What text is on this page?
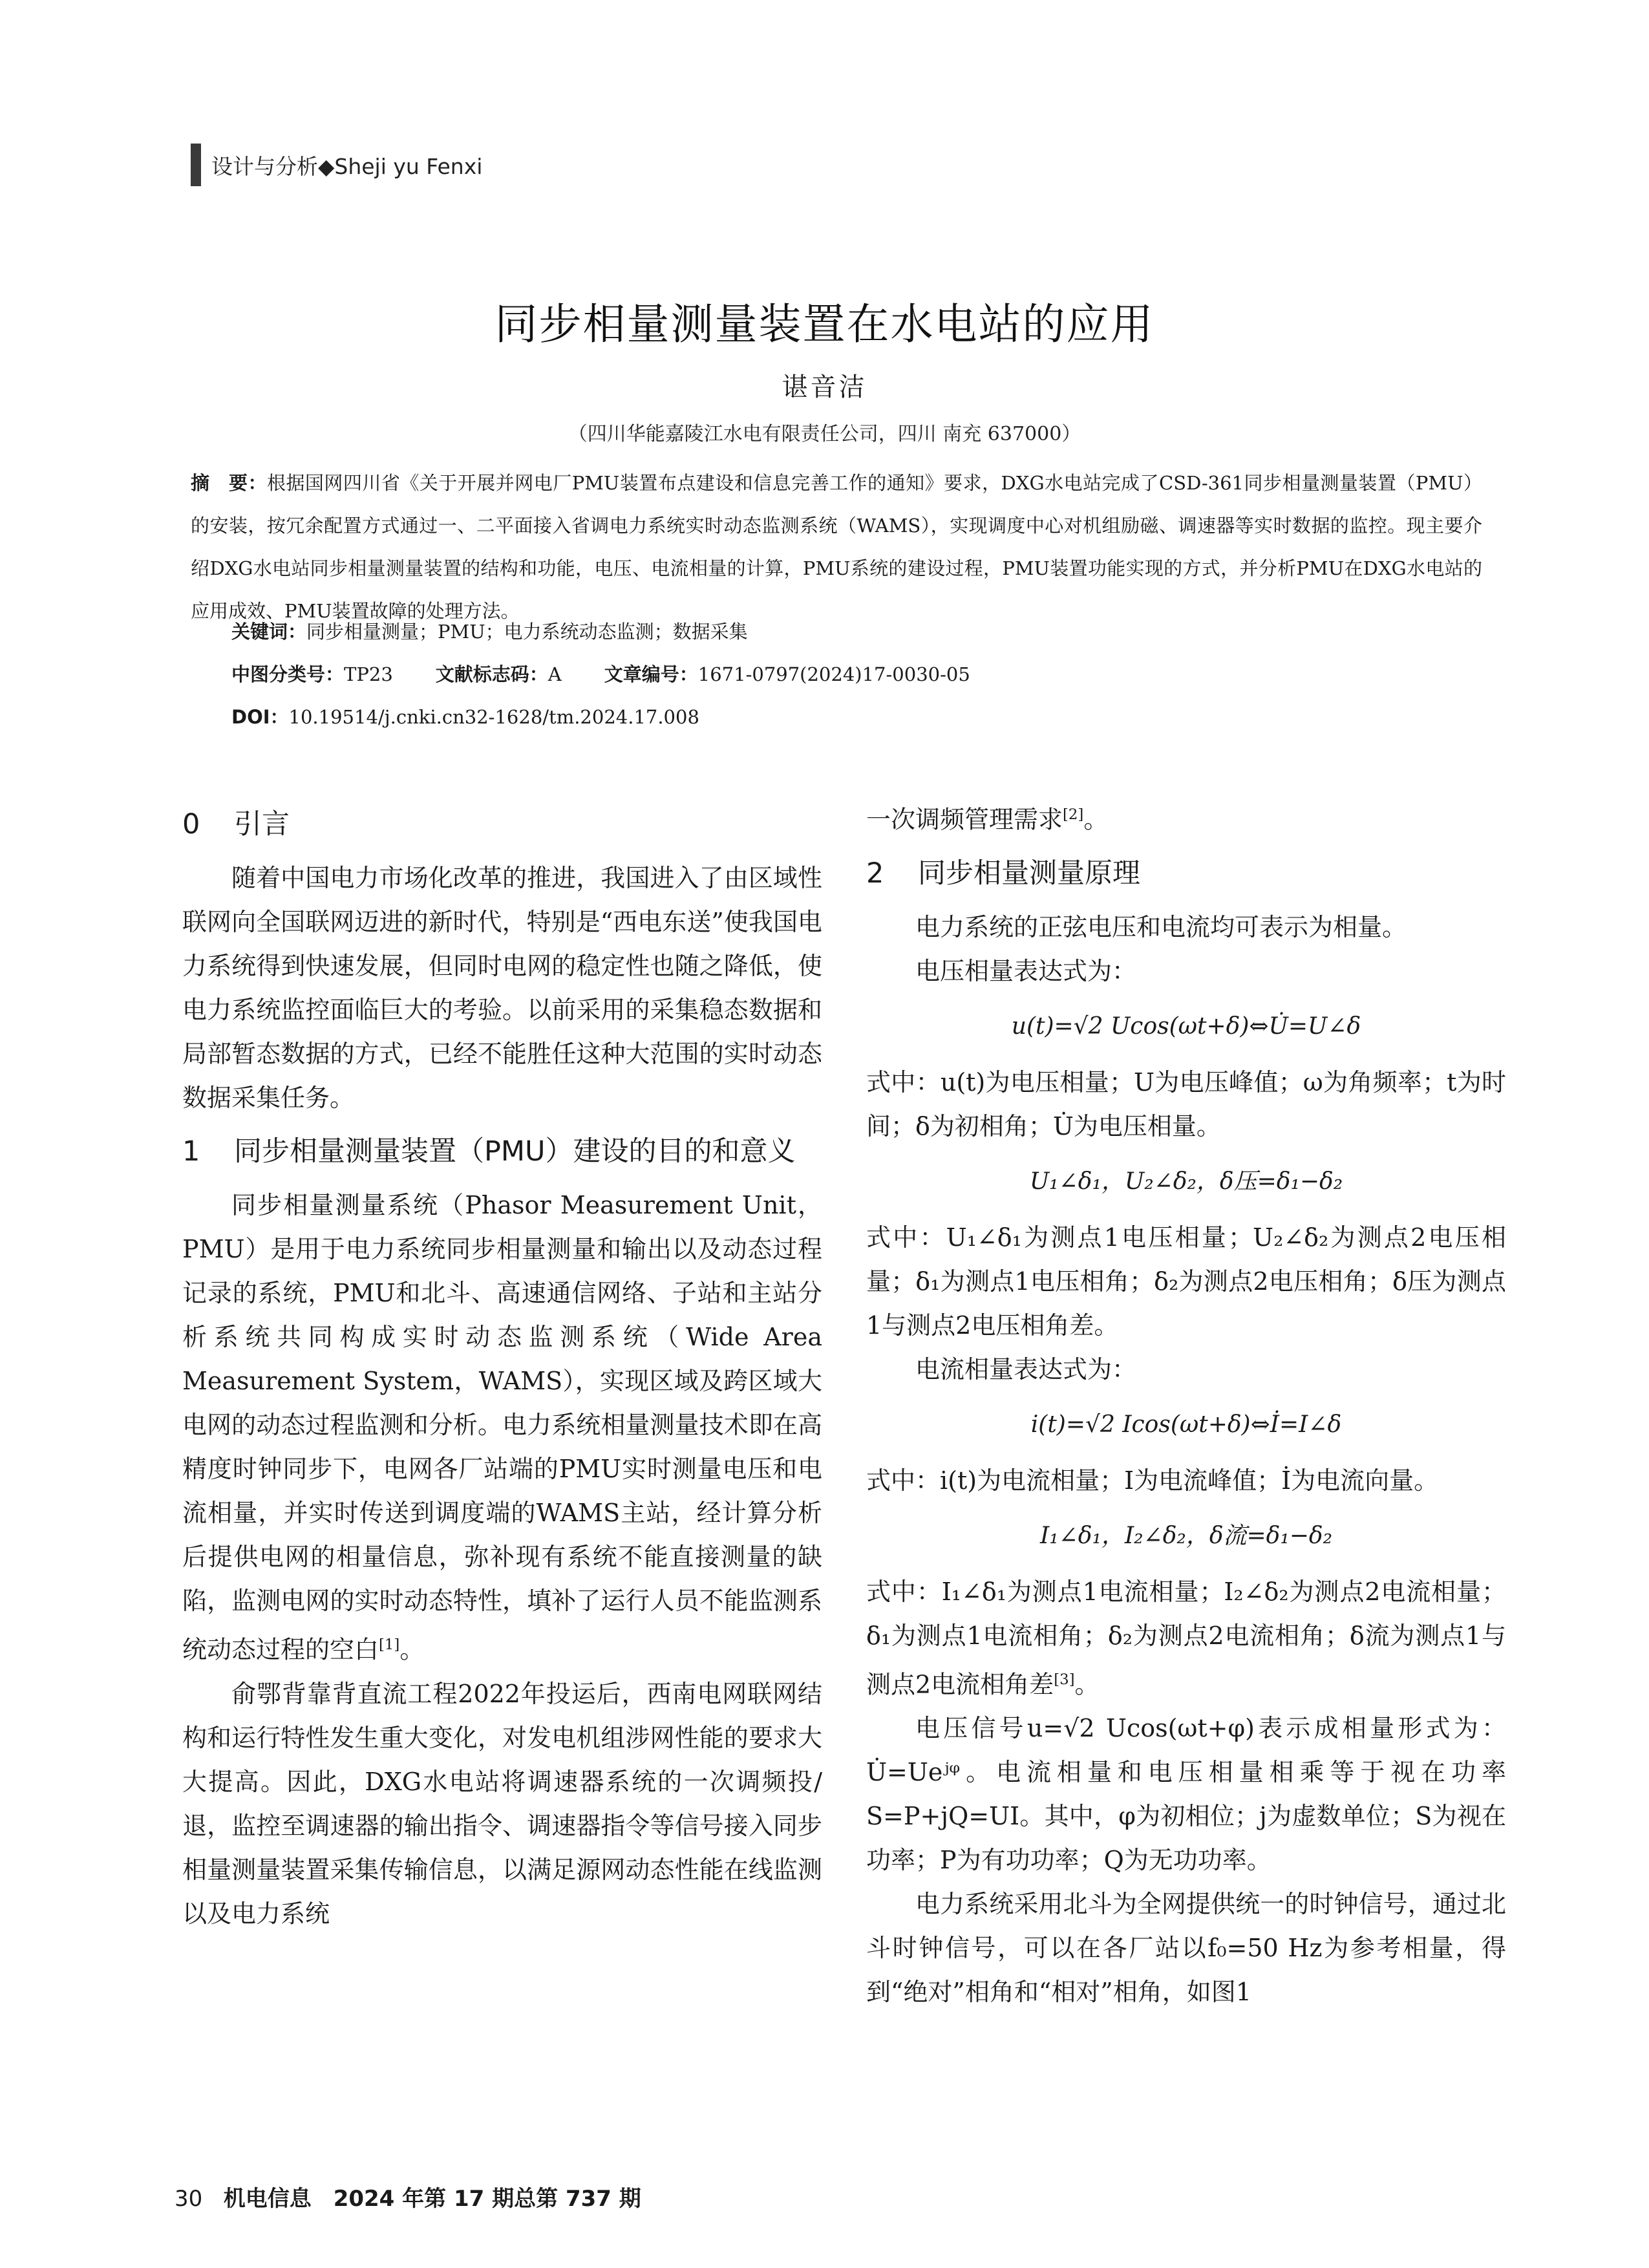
设计与分析◆Sheji yu Fenxi
同步相量测量装置在水电站的应用
谌音洁
（四川华能嘉陵江水电有限责任公司，四川 南充 637000）
摘　要：根据国网四川省《关于开展并网电厂PMU装置布点建设和信息完善工作的通知》要求，DXG水电站完成了CSD-361同步相量测量装置（PMU）的安装，按冗余配置方式通过一、二平面接入省调电力系统实时动态监测系统（WAMS），实现调度中心对机组励磁、调速器等实时数据的监控。现主要介绍DXG水电站同步相量测量装置的结构和功能，电压、电流相量的计算，PMU系统的建设过程，PMU装置功能实现的方式，并分析PMU在DXG水电站的应用成效、PMU装置故障的处理方法。
关键词：同步相量测量；PMU；电力系统动态监测；数据采集
中图分类号：TP23 文献标志码：A 文章编号：1671-0797(2024)17-0030-05
DOI：10.19514/j.cnki.cn32-1628/tm.2024.17.008
0 引言

随着中国电力市场化改革的推进，我国进入了由区域性联网向全国联网迈进的新时代，特别是“西电东送”使我国电力系统得到快速发展，但同时电网的稳定性也随之降低，使电力系统监控面临巨大的考验。以前采用的采集稳态数据和局部暂态数据的方式，已经不能胜任这种大范围的实时动态数据采集任务。

1 同步相量测量装置（PMU）建设的目的和意义

同步相量测量系统（Phasor Measurement Unit，PMU）是用于电力系统同步相量测量和输出以及动态过程记录的系统，PMU和北斗、高速通信网络、子站和主站分析系统共同构成实时动态监测系统（Wide Area Measurement System，WAMS），实现区域及跨区域大电网的动态过程监测和分析。电力系统相量测量技术即在高精度时钟同步下，电网各厂站端的PMU实时测量电压和电流相量，并实时传送到调度端的WAMS主站，经计算分析后提供电网的相量信息，弥补现有系统不能直接测量的缺陷，监测电网的实时动态特性，填补了运行人员不能监测系统动态过程的空白[1]。

俞鄂背靠背直流工程2022年投运后，西南电网联网结构和运行特性发生重大变化，对发电机组涉网性能的要求大大提高。因此，DXG水电站将调速器系统的一次调频投/退，监控至调速器的输出指令、调速器指令等信号接入同步相量测量装置采集传输信息，以满足源网动态性能在线监测以及电力系统

一次调频管理需求[2]。

2 同步相量测量原理

电力系统的正弦电压和电流均可表示为相量。

电压相量表达式为：

u(t)=√2 Ucos(ωt+δ)⇔U̇=U∠δ

式中：u(t)为电压相量；U为电压峰值；ω为角频率；t为时间；δ为初相角；U̇为电压相量。

U₁∠δ₁，U₂∠δ₂，δ压=δ₁−δ₂

式中：U₁∠δ₁为测点1电压相量；U₂∠δ₂为测点2电压相量；δ₁为测点1电压相角；δ₂为测点2电压相角；δ压为测点1与测点2电压相角差。

电流相量表达式为：

i(t)=√2 Icos(ωt+δ)⇔İ=I∠δ

式中：i(t)为电流相量；I为电流峰值；İ为电流向量。

I₁∠δ₁，I₂∠δ₂，δ流=δ₁−δ₂

式中：I₁∠δ₁为测点1电流相量；I₂∠δ₂为测点2电流相量；δ₁为测点1电流相角；δ₂为测点2电流相角；δ流为测点1与测点2电流相角差[3]。

电压信号u=√2 Ucos(ωt+φ)表示成相量形式为：U̇=Ueʲᵠ。电流相量和电压相量相乘等于视在功率S=P+jQ=UI。其中，φ为初相位；j为虚数单位；S为视在功率；P为有功功率；Q为无功功率。

电力系统采用北斗为全网提供统一的时钟信号，通过北斗时钟信号，可以在各厂站以f₀=50 Hz为参考相量，得到“绝对”相角和“相对”相角，如图1

30 机电信息　2024 年第 17 期总第 737 期
